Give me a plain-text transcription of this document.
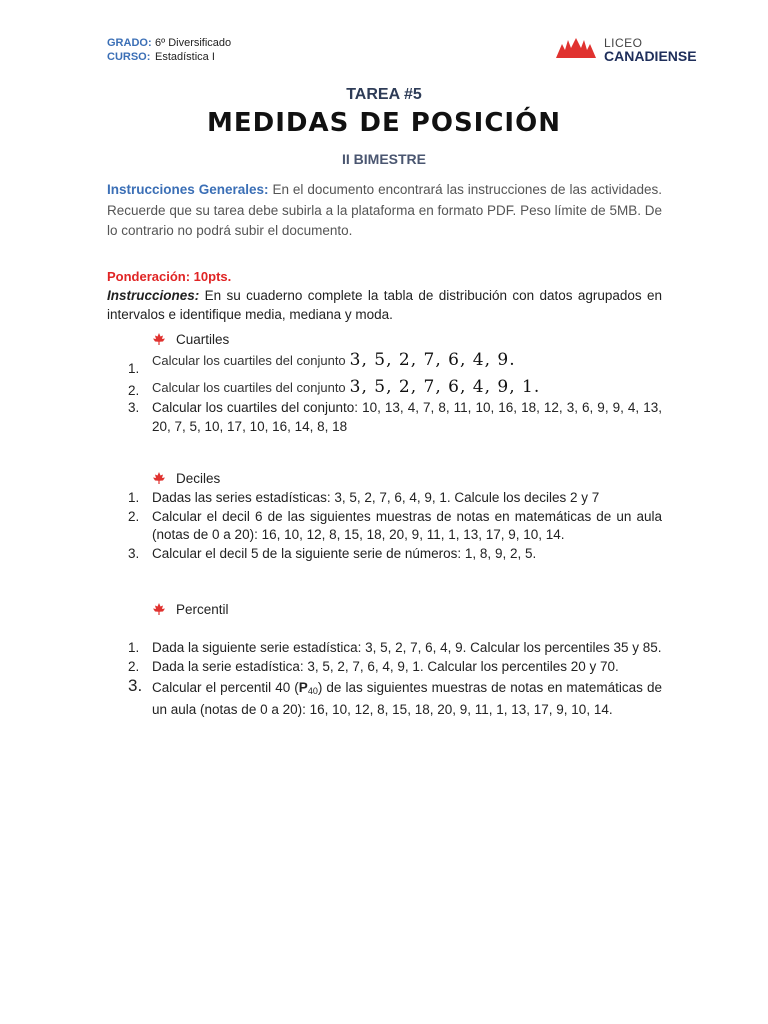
GRADO: 6º Diversificado
CURSO: Estadística I
LICEO
CANADIENSE
TAREA #5
MEDIDAS DE POSICIÓN
II BIMESTRE
Instrucciones Generales: En el documento encontrará las instrucciones de las actividades. Recuerde que su tarea debe subirla a la plataforma en formato PDF. Peso límite de 5MB. De lo contrario no podrá subir el documento.
Ponderación: 10pts.
Instrucciones: En su cuaderno complete la tabla de distribución con datos agrupados en intervalos e identifique media, mediana y moda.
Cuartiles
1.
Calcular los cuartiles del conjunto 3, 5, 2, 7, 6, 4, 9.
2. Calcular los cuartiles del conjunto 3, 5, 2, 7, 6, 4, 9, 1.
3. Calcular los cuartiles del conjunto: 10, 13, 4, 7, 8, 11, 10, 16, 18, 12, 3, 6, 9, 9, 4, 13, 20, 7, 5, 10, 17, 10, 16, 14, 8, 18
Deciles
1. Dadas las series estadísticas: 3, 5, 2, 7, 6, 4, 9, 1. Calcule los deciles 2 y 7
2. Calcular el decil 6 de las siguientes muestras de notas en matemáticas de un aula (notas de 0 a 20): 16, 10, 12, 8, 15, 18, 20, 9, 11, 1, 13, 17, 9, 10, 14.
3. Calcular el decil 5 de la siguiente serie de números: 1, 8, 9, 2, 5.
Percentil
1. Dada la siguiente serie estadística: 3, 5, 2, 7, 6, 4, 9. Calcular los percentiles 35 y 85.
2. Dada la serie estadística: 3, 5, 2, 7, 6, 4, 9, 1. Calcular los percentiles 20 y 70.
3. Calcular el percentil 40 $(P_{40})$ de las siguientes muestras de notas en matemáticas de un aula (notas de 0 a 20): 16, 10, 12, 8, 15, 18, 20, 9, 11, 1, 13, 17, 9, 10, 14.
